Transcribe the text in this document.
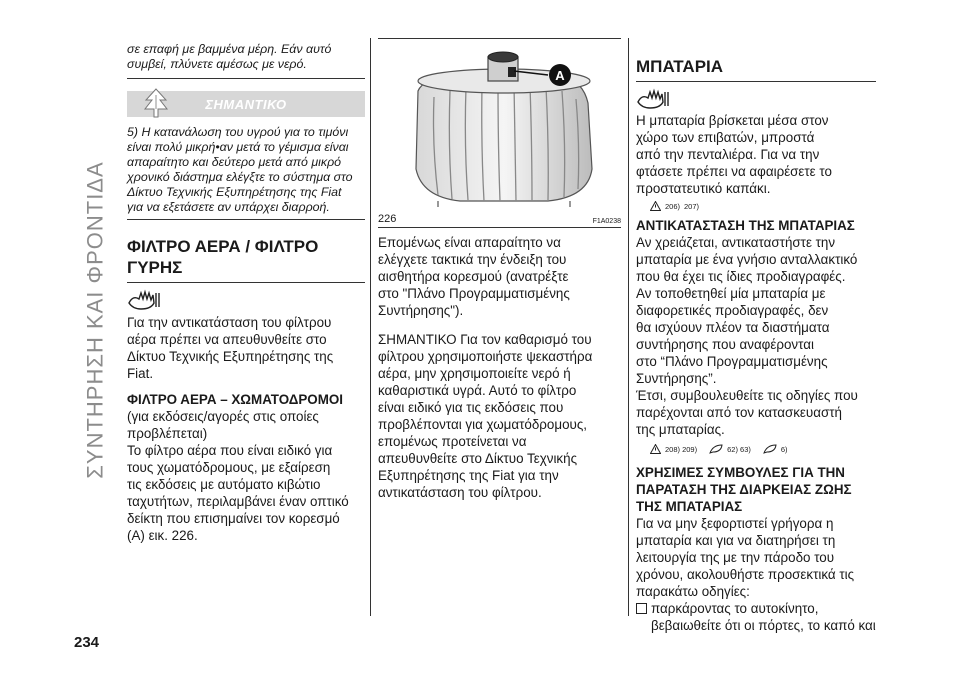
ΣΥΝΤΗΡΗΣΗ ΚΑΙ ΦΡΟΝΤΙΔΑ
σε επαφή με βαμμένα μέρη. Εάν αυτό
συμβεί, πλύνετε αμέσως με νερό.
ΣΗΜΑΝΤΙΚΟ
5) Η κατανάλωση του υγρού για το τιμόνι
είναι πολύ μικρή•αν μετά το γέμισμα είναι
απαραίτητο και δεύτερο μετά από μικρό
χρονικό διάστημα ελέγξτε το σύστημα στο
Δίκτυο Τεχνικής Εξυπηρέτησης της Fiat
για να εξετάσετε αν υπάρχει διαρροή.
ΦΙΛΤΡΟ ΑΕΡΑ / ΦΙΛΤΡΟ
ΓΥΡΗΣ
Για την αντικατάσταση του φίλτρου
αέρα πρέπει να απευθυνθείτε στο
Δίκτυο Τεχνικής Εξυπηρέτησης της
Fiat.
ΦΙΛΤΡΟ ΑΕΡΑ – ΧΩΜΑΤΟΔΡΟΜΟΙ
(για εκδόσεις/αγορές στις οποίες
προβλέπεται)
Το φίλτρο αέρα που είναι ειδικό για
τους χωματόδρομους, με εξαίρεση
τις εκδόσεις με αυτόματο κιβώτιο
ταχυτήτων, περιλαμβάνει έναν οπτικό
δείκτη που επισημαίνει τον κορεσμό
(A) εικ. 226.
A
226	F1A0238
Επομένως είναι απαραίτητο να
ελέγχετε τακτικά την ένδειξη του
αισθητήρα κορεσμού (ανατρέξτε
στο "Πλάνο Προγραμματισμένης
Συντήρησης").
ΣΗΜΑΝΤΙΚΟ Για τον καθαρισμό του
φίλτρου χρησιμοποιήστε ψεκαστήρα
αέρα, μην χρησιμοποιείτε νερό ή
καθαριστικά υγρά. Αυτό το φίλτρο
είναι ειδικό για τις εκδόσεις που
προβλέπονται για χωματόδρομους,
επομένως προτείνεται να
απευθυνθείτε στο Δίκτυο Τεχνικής
Εξυπηρέτησης της Fiat για την
αντικατάσταση του φίλτρου.
ΜΠΑΤΑΡΙΑ
Η μπαταρία βρίσκεται μέσα στον
χώρο των επιβατών, μπροστά
από την πενταλιέρα. Για να την
φτάσετε πρέπει να αφαιρέσετε το
προστατευτικό καπάκι.
206) 207)
ΑΝΤΙΚΑΤΑΣΤΑΣΗ ΤΗΣ ΜΠΑΤΑΡΙΑΣ
Αν χρειάζεται, αντικαταστήστε την
μπαταρία με ένα γνήσιο ανταλλακτικό
που θα έχει τις ίδιες προδιαγραφές.
Αν τοποθετηθεί μία μπαταρία με
διαφορετικές προδιαγραφές, δεν
θα ισχύουν πλέον τα διαστήματα
συντήρησης που αναφέρονται
στο “Πλάνο Προγραμματισμένης
Συντήρησης”.
Έτσι, συμβουλευθείτε τις οδηγίες που
παρέχονται από τον κατασκευαστή
της μπαταρίας.
208) 209)	62) 63)	6)
ΧΡΗΣΙΜΕΣ ΣΥΜΒΟΥΛΕΣ ΓΙΑ ΤΗΝ
ΠΑΡΑΤΑΣΗ ΤΗΣ ΔΙΑΡΚΕΙΑΣ ΖΩΗΣ
ΤΗΣ ΜΠΑΤΑΡΙΑΣ
Για να μην ξεφορτιστεί γρήγορα η
μπαταρία και για να διατηρήσει τη
λειτουργία της με την πάροδο του
χρόνου, ακολουθήστε προσεκτικά τις
παρακάτω οδηγίες:
παρκάροντας το αυτοκίνητο,
βεβαιωθείτε ότι οι πόρτες, το καπό και
234
